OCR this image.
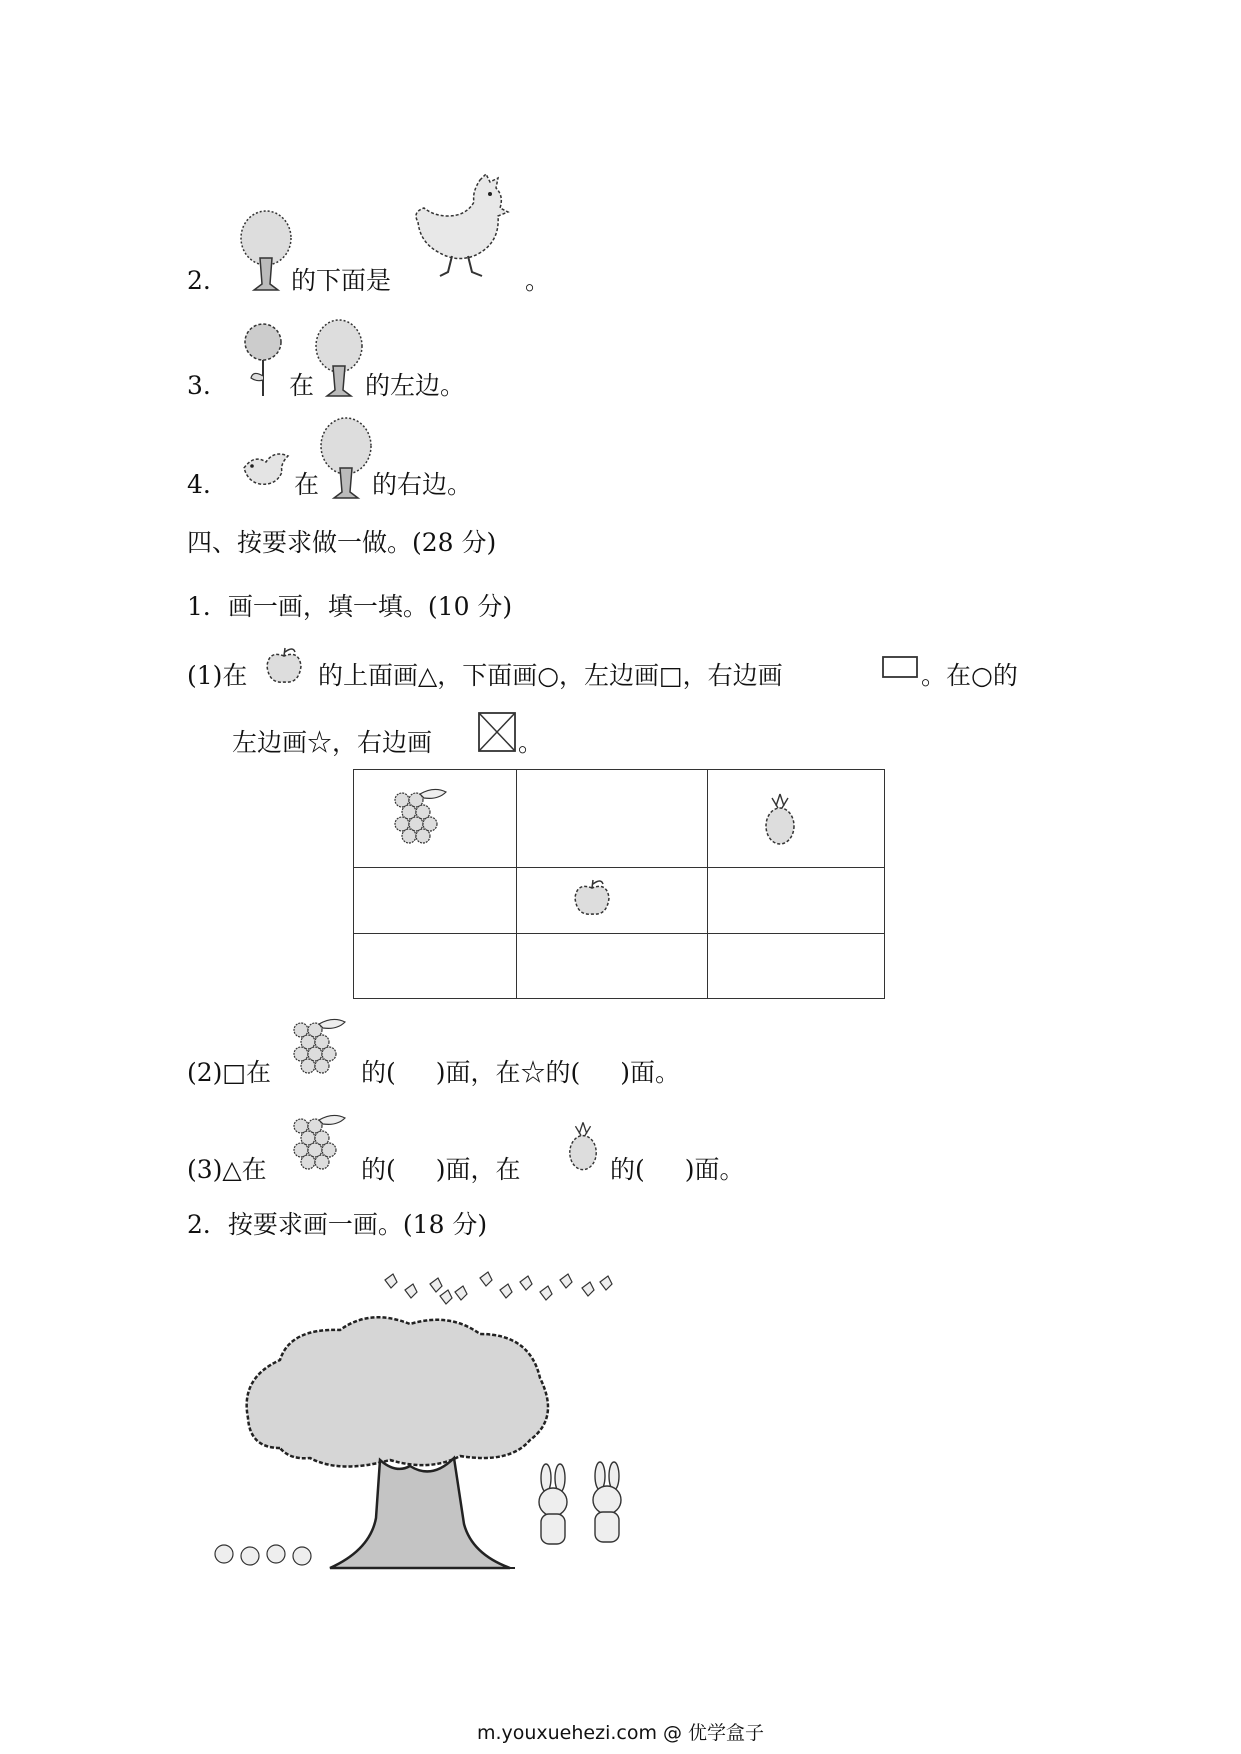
2.	的下面是	。
3.	在 的左边。
4.	在 的右边。
四、按要求做一做。(28 分)
1．画一画，填一填。(10 分)
(1)在	的上面画△，下面画○，左边画□，右边画	。在○的
左边画☆，右边画	。

(2)□在	的( )面，在☆的( )面。
(3)△在	的( )面，在	的( )面。
2．按要求画一画。(18 分)
m.youxuehezi.com @ 优学盒子
